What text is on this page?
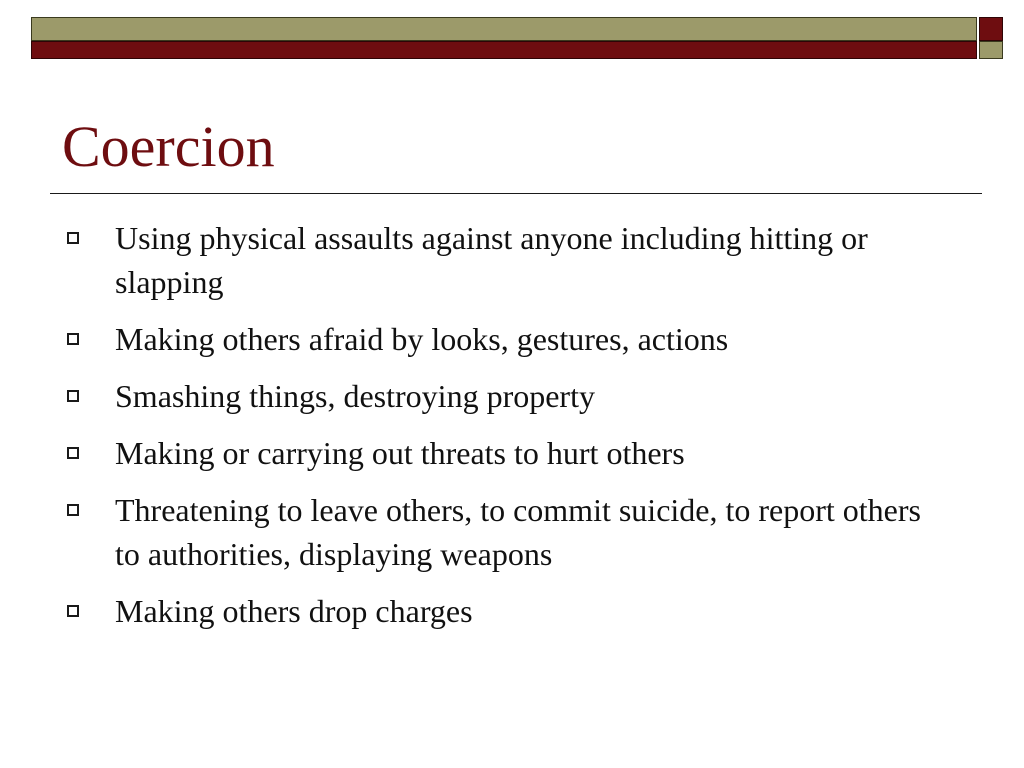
Coercion
Using physical assaults against anyone including hitting or slapping
Making others afraid by looks, gestures, actions
Smashing things, destroying property
Making or carrying out threats to hurt others
Threatening to leave others, to commit suicide, to report others to authorities, displaying weapons
Making others drop charges
